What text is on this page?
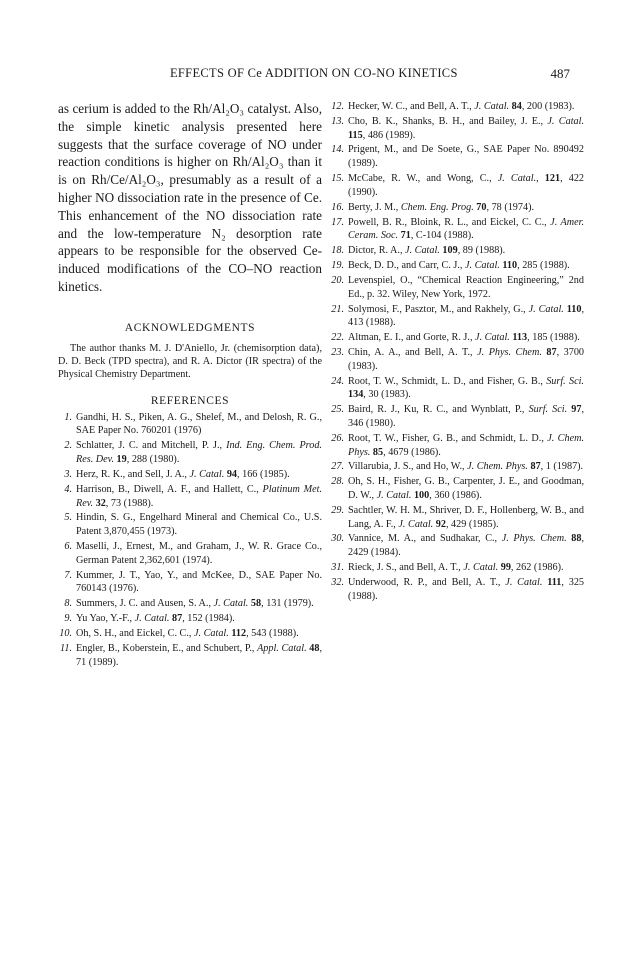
EFFECTS OF Ce ADDITION ON CO-NO KINETICS	487

as cerium is added to the Rh/Al₂O₃ catalyst. Also, the simple kinetic analysis presented here suggests that the surface coverage of NO under reaction conditions is higher on Rh/Al₂O₃ than it is on Rh/Ce/Al₂O₃, presumably as a result of a higher NO dissociation rate in the presence of Ce. This enhancement of the NO dissociation rate and the low-temperature N₂ desorption rate appears to be responsible for the observed Ce-induced modifications of the CO–NO reaction kinetics.

ACKNOWLEDGMENTS

The author thanks M. J. D'Aniello, Jr. (chemisorption data), D. D. Beck (TPD spectra), and R. A. Dictor (IR spectra) of the Physical Chemistry Department.

REFERENCES
1. Gandhi, H. S., Piken, A. G., Shelef, M., and Delosh, R. G., SAE Paper No. 760201 (1976)
2. Schlatter, J. C. and Mitchell, P. J., Ind. Eng. Chem. Prod. Res. Dev. 19, 288 (1980).
3. Herz, R. K., and Sell, J. A., J. Catal. 94, 166 (1985).
4. Harrison, B., Diwell, A. F., and Hallett, C., Platinum Met. Rev. 32, 73 (1988).
5. Hindin, S. G., Engelhard Mineral and Chemical Co., U.S. Patent 3,870,455 (1973).
6. Maselli, J., Ernest, M., and Graham, J., W. R. Grace Co., German Patent 2,362,601 (1974).
7. Kummer, J. T., Yao, Y., and McKee, D., SAE Paper No. 760143 (1976).
8. Summers, J. C. and Ausen, S. A., J. Catal. 58, 131 (1979).
9. Yu Yao, Y.-F., J. Catal. 87, 152 (1984).
10. Oh, S. H., and Eickel, C. C., J. Catal. 112, 543 (1988).
11. Engler, B., Koberstein, E., and Schubert, P., Appl. Catal. 48, 71 (1989).
12. Hecker, W. C., and Bell, A. T., J. Catal. 84, 200 (1983).
13. Cho, B. K., Shanks, B. H., and Bailey, J. E., J. Catal. 115, 486 (1989).
14. Prigent, M., and De Soete, G., SAE Paper No. 890492 (1989).
15. McCabe, R. W., and Wong, C., J. Catal., 121, 422 (1990).
16. Berty, J. M., Chem. Eng. Prog. 70, 78 (1974).
17. Powell, B. R., Bloink, R. L., and Eickel, C. C., J. Amer. Ceram. Soc. 71, C-104 (1988).
18. Dictor, R. A., J. Catal. 109, 89 (1988).
19. Beck, D. D., and Carr, C. J., J. Catal. 110, 285 (1988).
20. Levenspiel, O., “Chemical Reaction Engineering,” 2nd Ed., p. 32. Wiley, New York, 1972.
21. Solymosi, F., Pasztor, M., and Rakhely, G., J. Catal. 110, 413 (1988).
22. Altman, E. I., and Gorte, R. J., J. Catal. 113, 185 (1988).
23. Chin, A. A., and Bell, A. T., J. Phys. Chem. 87, 3700 (1983).
24. Root, T. W., Schmidt, L. D., and Fisher, G. B., Surf. Sci. 134, 30 (1983).
25. Baird, R. J., Ku, R. C., and Wynblatt, P., Surf. Sci. 97, 346 (1980).
26. Root, T. W., Fisher, G. B., and Schmidt, L. D., J. Chem. Phys. 85, 4679 (1986).
27. Villarubia, J. S., and Ho, W., J. Chem. Phys. 87, 1 (1987).
28. Oh, S. H., Fisher, G. B., Carpenter, J. E., and Goodman, D. W., J. Catal. 100, 360 (1986).
29. Sachtler, W. H. M., Shriver, D. F., Hollenberg, W. B., and Lang, A. F., J. Catal. 92, 429 (1985).
30. Vannice, M. A., and Sudhakar, C., J. Phys. Chem. 88, 2429 (1984).
31. Rieck, J. S., and Bell, A. T., J. Catal. 99, 262 (1986).
32. Underwood, R. P., and Bell, A. T., J. Catal. 111, 325 (1988).
